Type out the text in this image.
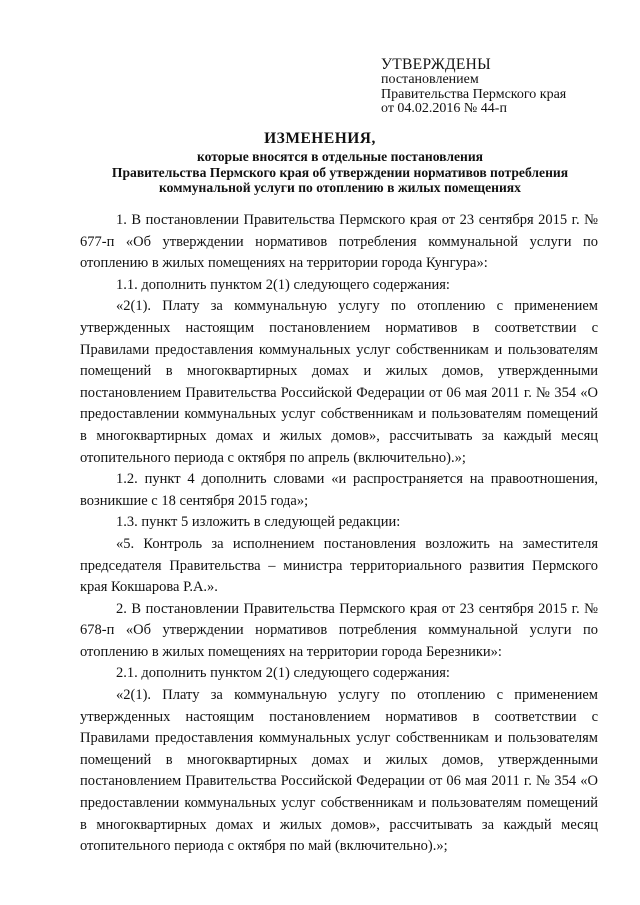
УТВЕРЖДЕНЫ
постановлением
Правительства Пермского края
от 04.02.2016 № 44-п
ИЗМЕНЕНИЯ,
которые вносятся в отдельные постановления
Правительства Пермского края об утверждении нормативов потребления
коммунальной услуги по отоплению в жилых помещениях

1. В постановлении Правительства Пермского края от 23 сентября 2015 г. № 677-п «Об утверждении нормативов потребления коммунальной услуги по отоплению в жилых помещениях на территории города Кунгура»:

1.1. дополнить пунктом 2(1) следующего содержания:

«2(1). Плату за коммунальную услугу по отоплению с применением утвержденных настоящим постановлением нормативов в соответствии с Правилами предоставления коммунальных услуг собственникам и пользователям помещений в многоквартирных домах и жилых домов, утвержденными постановлением Правительства Российской Федерации от 06 мая 2011 г. № 354 «О предоставлении коммунальных услуг собственникам и пользователям помещений в многоквартирных домах и жилых домов», рассчитывать за каждый месяц отопительного периода с октября по апрель (включительно).»;

1.2. пункт 4 дополнить словами «и распространяется на правоотношения, возникшие с 18 сентября 2015 года»;

1.3. пункт 5 изложить в следующей редакции:

«5. Контроль за исполнением постановления возложить на заместителя председателя Правительства – министра территориального развития Пермского края Кокшарова Р.А.».

2. В постановлении Правительства Пермского края от 23 сентября 2015 г. № 678-п «Об утверждении нормативов потребления коммунальной услуги по отоплению в жилых помещениях на территории города Березники»:

2.1. дополнить пунктом 2(1) следующего содержания:

«2(1). Плату за коммунальную услугу по отоплению с применением утвержденных настоящим постановлением нормативов в соответствии с Правилами предоставления коммунальных услуг собственникам и пользователям помещений в многоквартирных домах и жилых домов, утвержденными постановлением Правительства Российской Федерации от 06 мая 2011 г. № 354 «О предоставлении коммунальных услуг собственникам и пользователям помещений в многоквартирных домах и жилых домов», рассчитывать за каждый месяц отопительного периода с октября по май (включительно).»;
